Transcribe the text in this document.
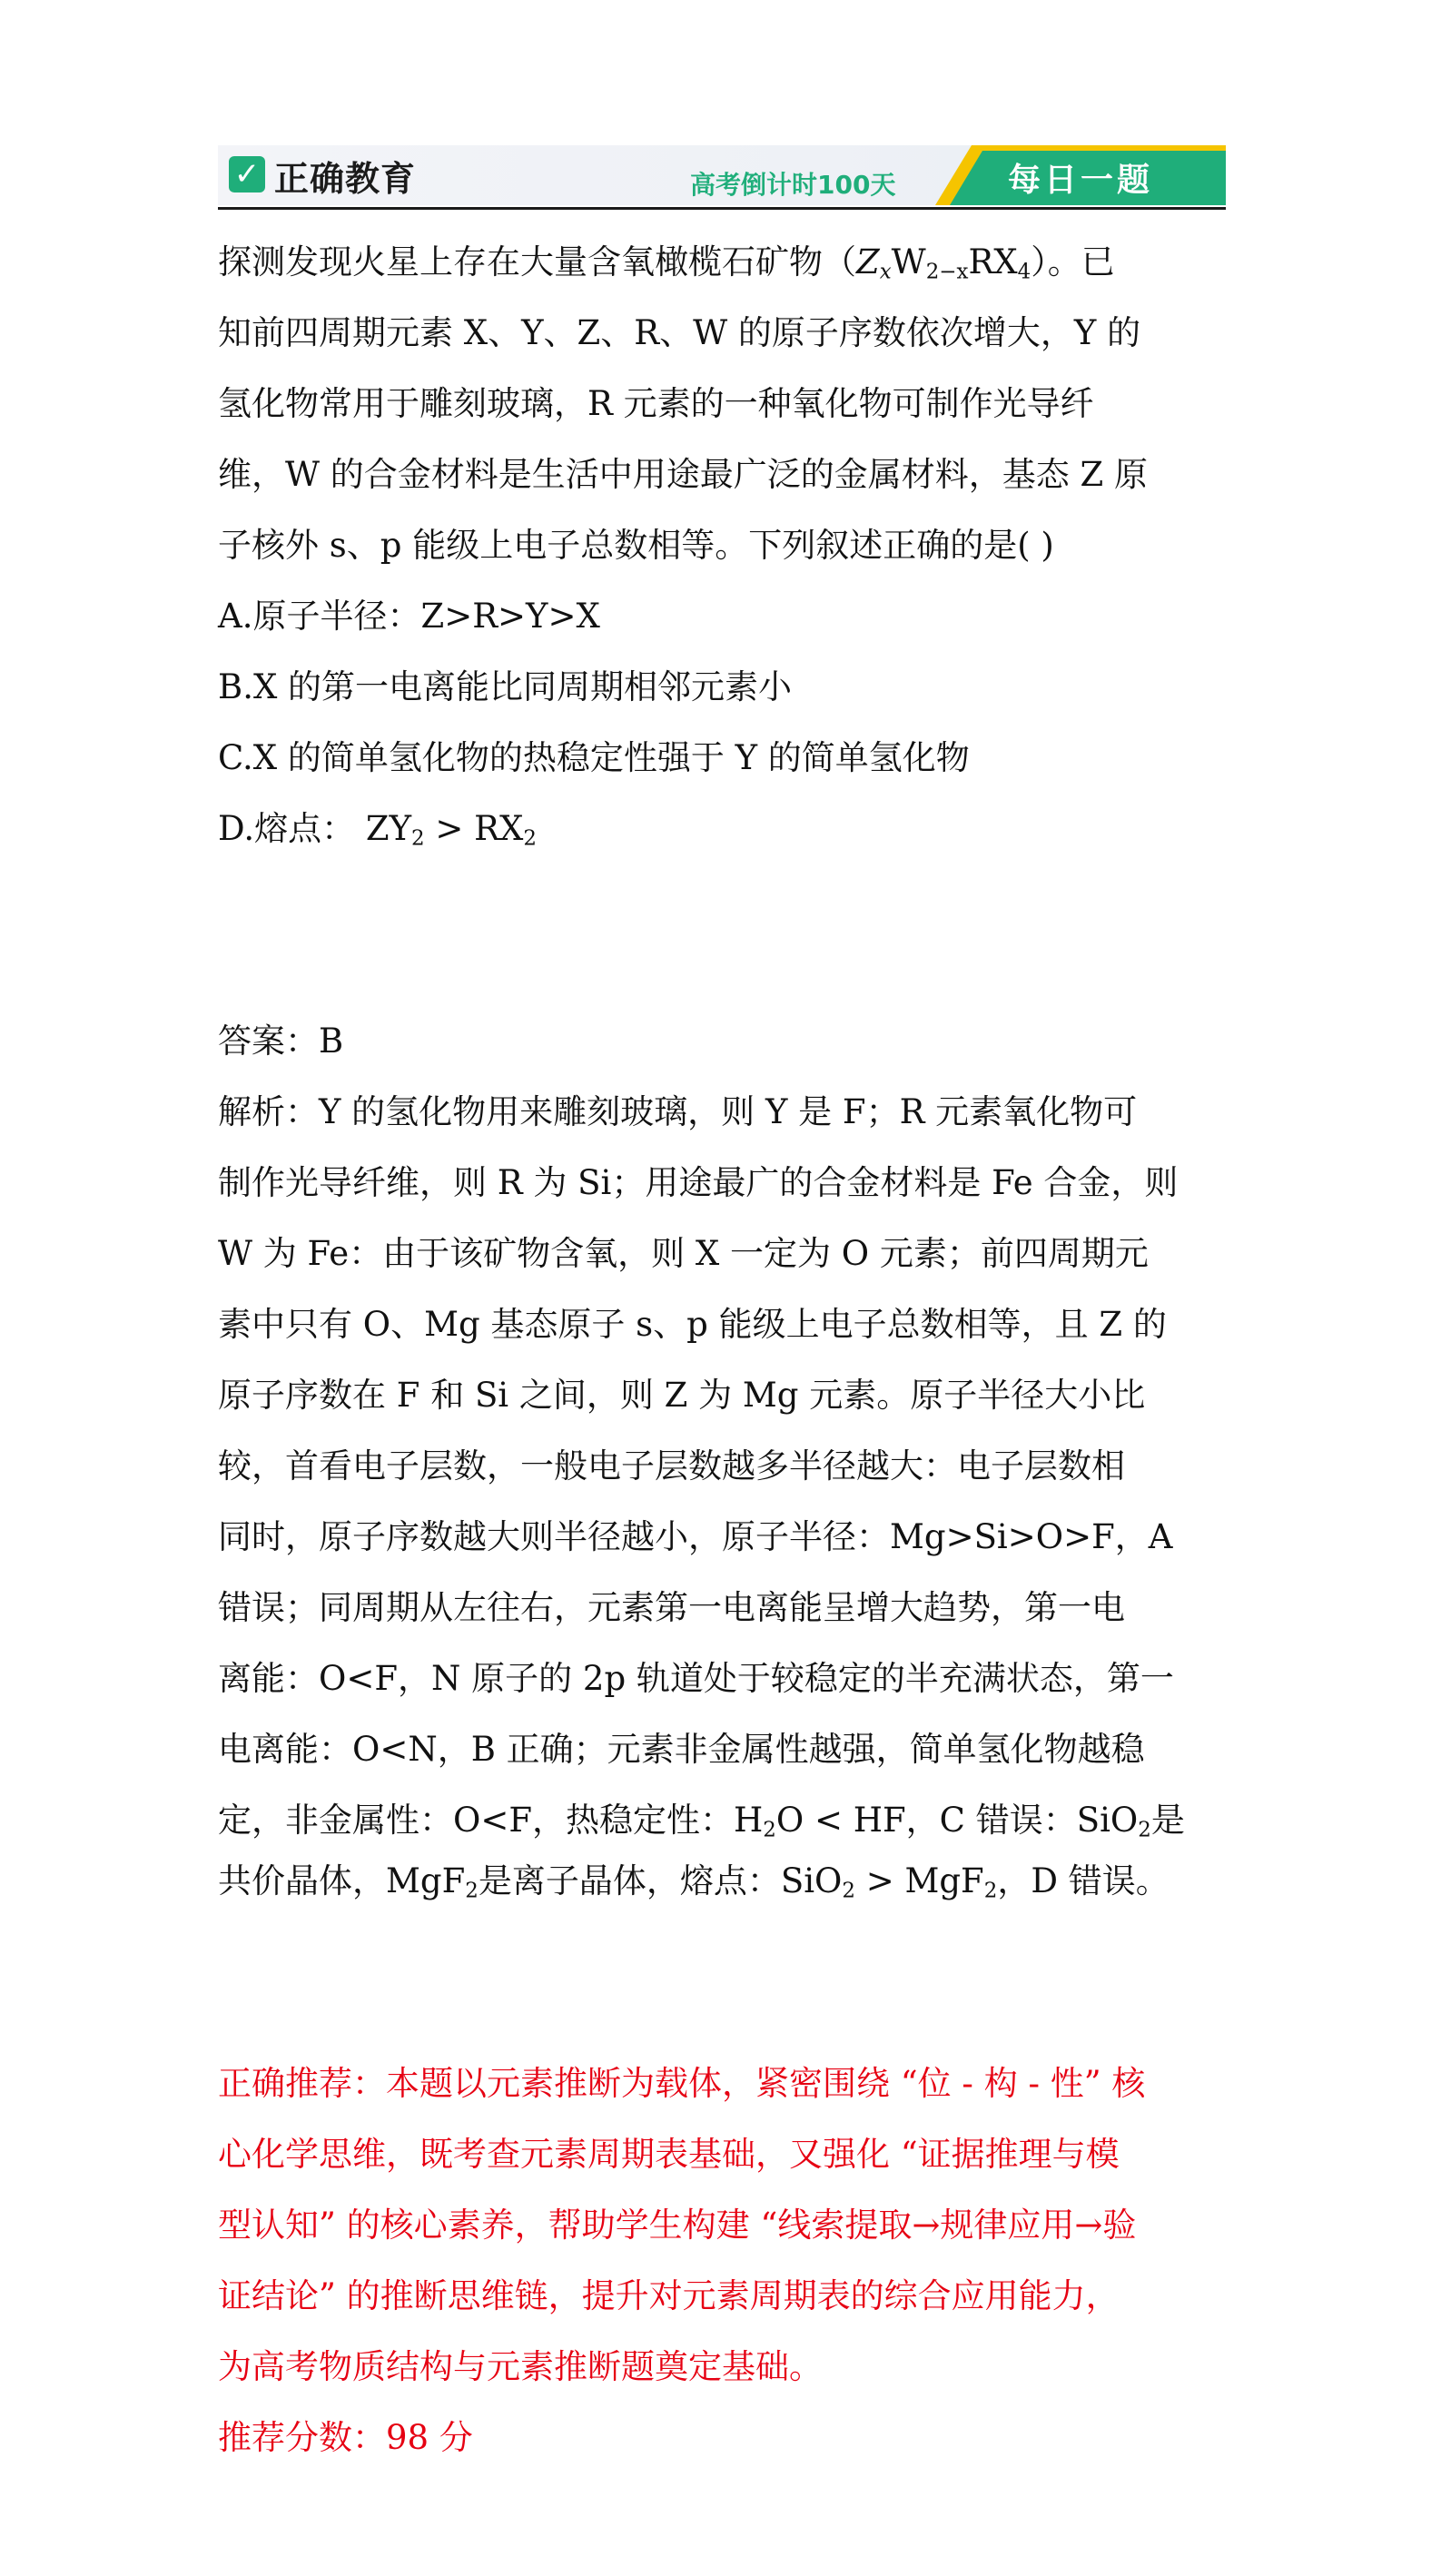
✓ 正确教育	高考倒计时100天	每日一题

探测发现火星上存在大量含氧橄榄石矿物$(Z_xW_{2-x}RX_4)$。已

知前四周期元素 X、Y、Z、R、W 的原子序数依次增大，Y 的

氢化物常用于雕刻玻璃，R 元素的一种氧化物可制作光导纤

维，W 的合金材料是生活中用途最广泛的金属材料，基态 Z 原

子核外 s、p 能级上电子总数相等。下列叙述正确的是( )

A.原子半径：Z>R>Y>X

B.X 的第一电离能比同周期相邻元素小

C.X 的简单氢化物的热稳定性强于 Y 的简单氢化物

D.熔点： $ZY_2 > RX_2$

答案：B

解析：Y 的氢化物用来雕刻玻璃，则 Y 是 F；R 元素氧化物可

制作光导纤维，则 R 为 Si；用途最广的合金材料是 Fe 合金，则

W 为 Fe：由于该矿物含氧，则 X 一定为 O 元素；前四周期元

素中只有 O、Mg 基态原子 s、p 能级上电子总数相等，且 Z 的

原子序数在 F 和 Si 之间，则 Z 为 Mg 元素。原子半径大小比

较，首看电子层数，一般电子层数越多半径越大：电子层数相

同时，原子序数越大则半径越小，原子半径：Mg>Si>O>F，A

错误；同周期从左往右，元素第一电离能呈增大趋势，第一电

离能：O<F，N 原子的 2p 轨道处于较稳定的半充满状态，第一

电离能：O<N，B 正确；元素非金属性越强，简单氢化物越稳

定，非金属性：O<F，热稳定性：$H_2O$ < HF，C 错误：SiO$_2$是

共价晶体，MgF$_2$是离子晶体，熔点：SiO$_2$ > MgF$_2$，D 错误。

正确推荐：本题以元素推断为载体，紧密围绕 “位 - 构 - 性” 核

心化学思维，既考查元素周期表基础，又强化 “证据推理与模

型认知” 的核心素养，帮助学生构建 “线索提取→规律应用→验

证结论” 的推断思维链，提升对元素周期表的综合应用能力，

为高考物质结构与元素推断题奠定基础。

推荐分数：98 分
